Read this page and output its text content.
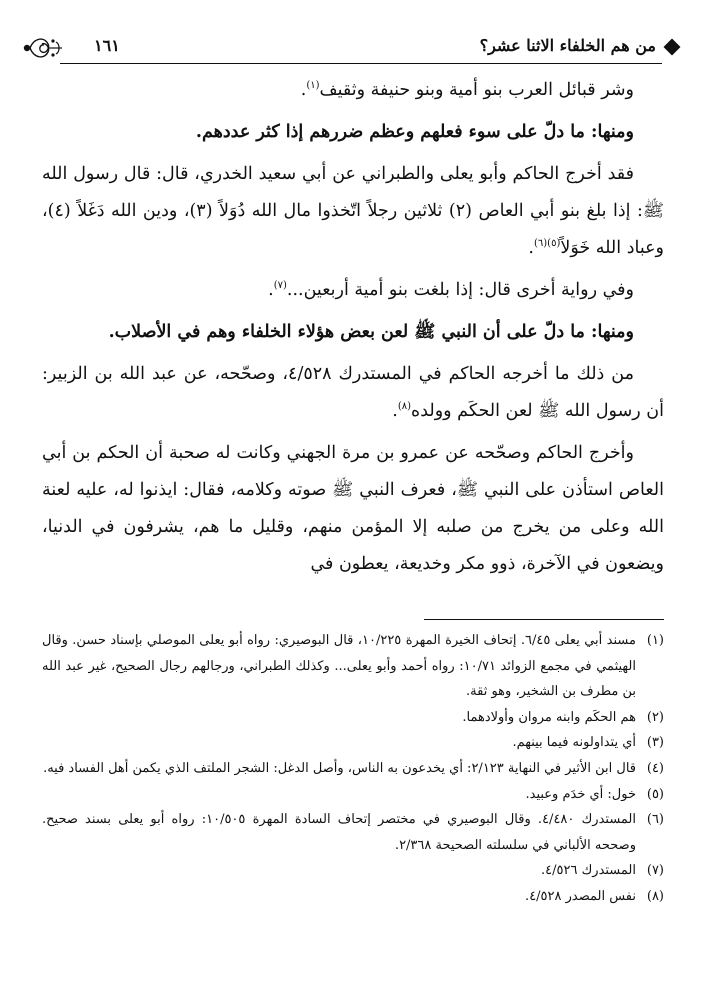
١٦١	من هم الخلفاء الاثنا عشر؟

وشر قبائل العرب بنو أمية وبنو حنيفة وثقيف$^{(١)}$.

ومنها: ما دلّ على سوء فعلهم وعظم ضررهم إذا كثر عددهم.

فقد أخرج الحاكم وأبو يعلى والطبراني عن أبي سعيد الخدري، قال: قال رسول الله ﷺ: إذا بلغ بنو أبي العاص (٢) ثلاثين رجلاً اتّخذوا مال الله دُوَلاً (٣)، ودين الله دَغَلاً (٤)، وعباد الله خَوَلاً$^{(٥)(٦)}$.

وفي رواية أخرى قال: إذا بلغت بنو أمية أربعين...$^{(٧)}$.

ومنها: ما دلّ على أن النبي ﷺ لعن بعض هؤلاء الخلفاء وهم في الأصلاب.

من ذلك ما أخرجه الحاكم في المستدرك ٤/٥٢٨، وصحّحه، عن عبد الله بن الزبير: أن رسول الله ﷺ لعن الحكَم وولده$^{(٨)}$.

وأخرج الحاكم وصحّحه عن عمرو بن مرة الجهني وكانت له صحبة أن الحكم بن أبي العاص استأذن على النبي ﷺ، فعرف النبي ﷺ صوته وكلامه، فقال: ايذنوا له، عليه لعنة الله وعلى من يخرج من صلبه إلا المؤمن منهم، وقليل ما هم، يشرفون في الدنيا، ويضعون في الآخرة، ذوو مكر وخديعة، يعطون في

(١)
مسند أبي يعلى ٦/٤٥. إتحاف الخيرة المهرة ١٠/٢٢٥، قال البوصيري: رواه أبو يعلى الموصلي بإسناد حسن. وقال الهيثمي في مجمع الزوائد ١٠/٧١: رواه أحمد وأبو يعلى... وكذلك الطبراني، ورجالهم رجال الصحيح، غير عبد الله بن مطرف بن الشخير، وهو ثقة.

(٢)
هم الحكَم وابنه مروان وأولادهما.

(٣)
أي يتداولونه فيما بينهم.

(٤)
قال ابن الأثير في النهاية ٢/١٢٣: أي يخدعون به الناس، وأصل الدغل: الشجر الملتف الذي يكمن أهل الفساد فيه.

(٥)
خول: أي خدَم وعبيد.

(٦)
المستدرك ٤/٤٨٠. وقال البوصيري في مختصر إتحاف السادة المهرة ١٠/٥٠٥: رواه أبو يعلى بسند صحيح. وصححه الألباني في سلسلته الصحيحة ٢/٣٦٨.

(٧)
المستدرك ٤/٥٢٦.

(٨)
نفس المصدر ٤/٥٢٨.
